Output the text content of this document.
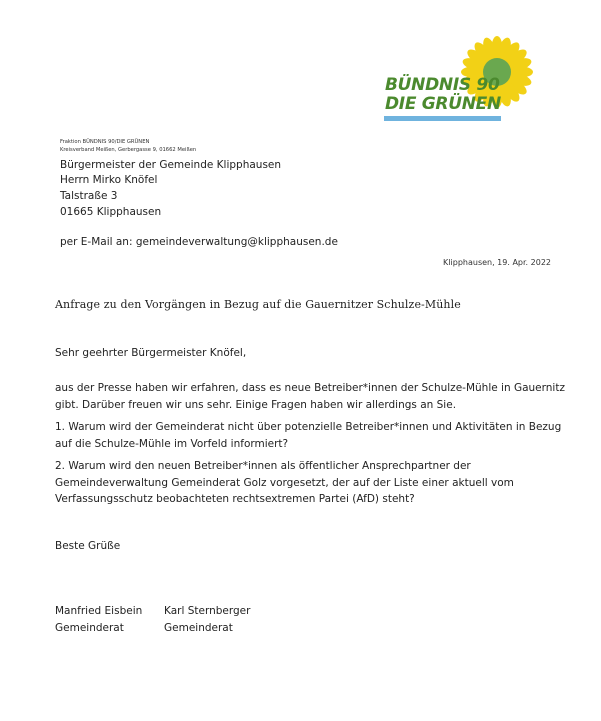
BÜNDNIS 90
DIE GRÜNEN
Fraktion BÜNDNIS 90/DIE GRÜNEN
Kreisverband Meißen, Gerbergasse 9, 01662 Meißen
Bürgermeister der Gemeinde Klipphausen
Herrn Mirko Knöfel
Talstraße 3
01665 Klipphausen
per E-Mail an: gemeindeverwaltung@klipphausen.de
Klipphausen, 19. Apr. 2022
Anfrage zu den Vorgängen in Bezug auf die Gauernitzer Schulze-Mühle
Sehr geehrter Bürgermeister Knöfel,
aus der Presse haben wir erfahren, dass es neue Betreiber*innen der Schulze-Mühle in Gauernitz gibt. Darüber freuen wir uns sehr. Einige Fragen haben wir allerdings an Sie.
1. Warum wird der Gemeinderat nicht über potenzielle Betreiber*innen und Aktivitäten in Bezug auf die Schulze-Mühle im Vorfeld informiert?
2. Warum wird den neuen Betreiber*innen als öffentlicher Ansprechpartner der Gemeindeverwaltung Gemeinderat Golz vorgesetzt, der auf der Liste einer aktuell vom Verfassungsschutz beobachteten rechtsextremen Partei (AfD) steht?
Beste Grüße
Manfried Eisbein
Gemeinderat
Karl Sternberger
Gemeinderat
